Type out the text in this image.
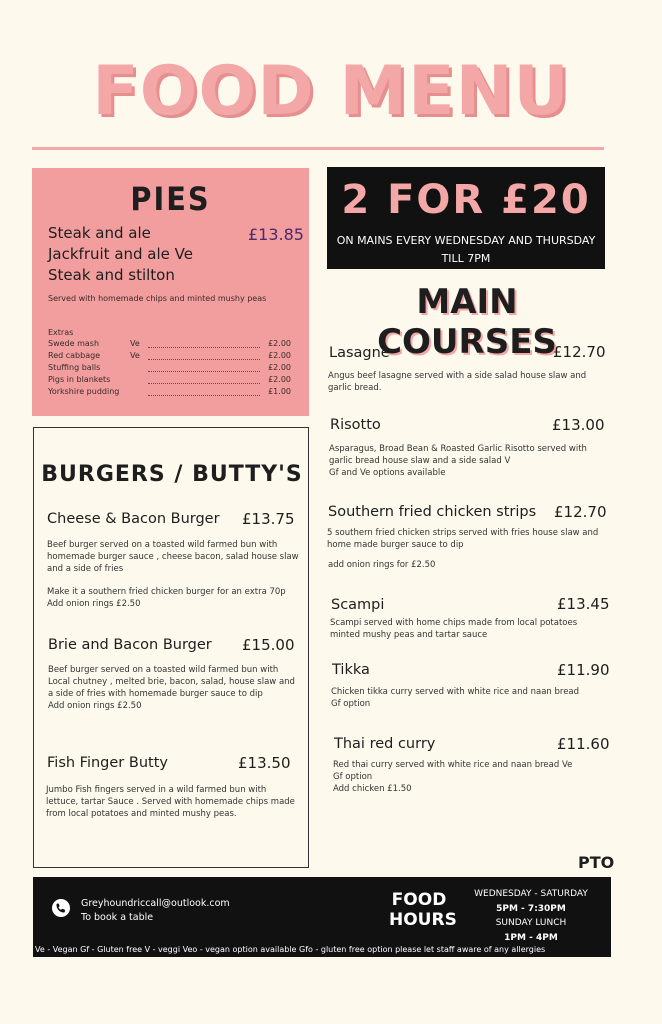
FOOD MENU
PIES
Steak and ale
Jackfruit and ale Ve
Steak and stilton
£13.85
Served with homemade chips and minted mushy peas
Extras
Swede mash	Ve	£2.00
Red cabbage	Ve	£2.00
Stuffing balls	£2.00
Pigs in blankets	£2.00
Yorkshire pudding	£1.00
BURGERS / BUTTY'S
Cheese & Bacon Burger £13.75
Beef burger served on a toasted wild farmed bun with homemade burger sauce , cheese bacon, salad house slaw and a side of fries
Make it a southern fried chicken burger for an extra 70p
Add onion rings £2.50
Brie and Bacon Burger £15.00
Beef burger served on a toasted wild farmed bun with Local chutney , melted brie, bacon, salad, house slaw and a side of fries with homemade burger sauce to dip
Add onion rings £2.50
Fish Finger Butty	£13.50
Jumbo Fish fingers served in a wild farmed bun with lettuce, tartar Sauce . Served with homemade chips made from local potatoes and minted mushy peas.
2 FOR £20
ON MAINS EVERY WEDNESDAY AND THURSDAY TILL 7PM
MAIN COURSES
Lasagne	£12.70
Angus beef lasagne served with a side salad house slaw and garlic bread.
Risotto	£13.00
Asparagus, Broad Bean & Roasted Garlic Risotto served with garlic bread house slaw and a side salad V
Gf and Ve options available
Southern fried chicken strips £12.70
5 southern fried chicken strips served with fries house slaw and home made burger sauce to dip
add onion rings for £2.50
Scampi	£13.45
Scampi served with home chips made from local potatoes minted mushy peas and tartar sauce
Tikka	£11.90
Chicken tikka curry served with white rice and naan bread
Gf option
Thai red curry	£11.60
Red thai curry served with white rice and naan bread Ve
Gf option
Add chicken £1.50
PTO
Greyhoundriccall@outlook.com
To book a table
FOOD HOURS
WEDNESDAY - SATURDAY
5PM - 7:30PM
SUNDAY LUNCH
1PM - 4PM
Ve - Vegan Gf - Gluten free V - veggi Veo - vegan option available Gfo - gluten free option please let staff aware of any allergies
